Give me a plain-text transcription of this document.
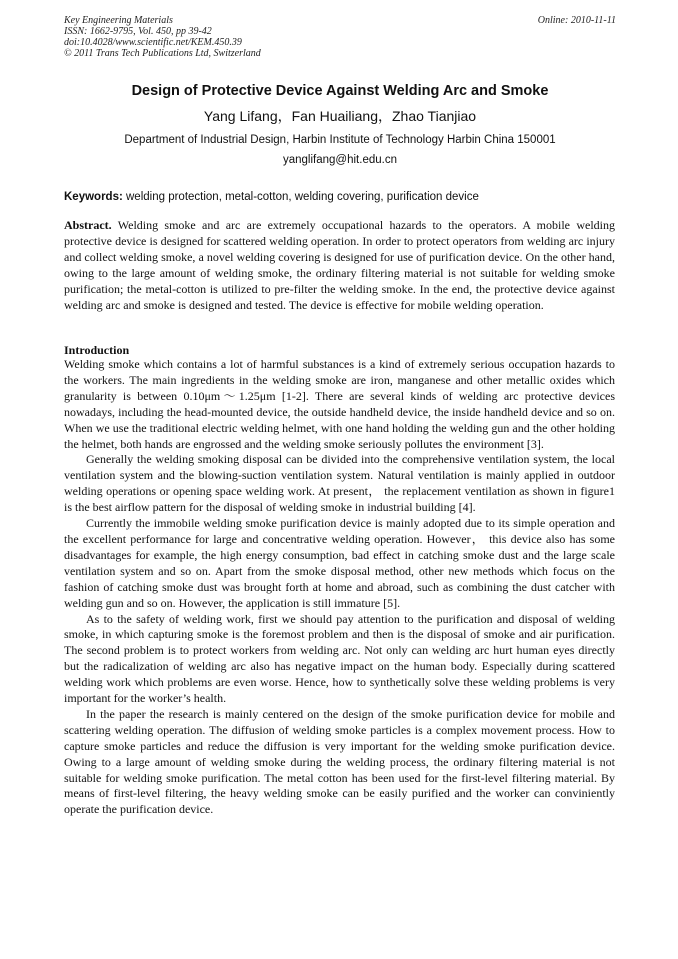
Key Engineering Materials
ISSN: 1662-9795, Vol. 450, pp 39-42
doi:10.4028/www.scientific.net/KEM.450.39
© 2011 Trans Tech Publications Ltd, Switzerland
Online: 2010-11-11
Design of Protective Device Against Welding Arc and Smoke
Yang Lifang，Fan Huailiang，Zhao Tianjiao
Department of Industrial Design, Harbin Institute of Technology Harbin China 150001
yanglifang@hit.edu.cn
Keywords: welding protection, metal-cotton, welding covering, purification device
Abstract. Welding smoke and arc are extremely occupational hazards to the operators. A mobile welding protective device is designed for scattered welding operation. In order to protect operators from welding arc injury and collect welding smoke, a novel welding covering is designed for use of purification device. On the other hand, owing to the large amount of welding smoke, the ordinary filtering material is not suitable for welding smoke purification; the metal-cotton is utilized to pre-filter the welding smoke. In the end, the protective device against welding arc and smoke is designed and tested. The device is effective for mobile welding operation.
Introduction

Welding smoke which contains a lot of harmful substances is a kind of extremely serious occupation hazards to the workers. The main ingredients in the welding smoke are iron, manganese and other metallic oxides which granularity is between 0.10μm～1.25μm [1-2]. There are several kinds of welding arc protective devices nowadays, including the head-mounted device, the outside handheld device, the inside handheld device and so on. When we use the traditional electric welding helmet, with one hand holding the welding gun and the other holding the helmet, both hands are engrossed and the welding smoke seriously pollutes the environment [3].

Generally the welding smoking disposal can be divided into the comprehensive ventilation system, the local ventilation system and the blowing-suction ventilation system. Natural ventilation is mainly applied in outdoor welding operations or opening space welding work. At present， the replacement ventilation as shown in figure1 is the best airflow pattern for the disposal of welding smoke in industrial building [4].

Currently the immobile welding smoke purification device is mainly adopted due to its simple operation and the excellent performance for large and concentrative welding operation. However， this device also has some disadvantages for example, the high energy consumption, bad effect in catching smoke dust and the large scale ventilation system and so on. Apart from the smoke disposal method, other new methods which focus on the fashion of catching smoke dust was brought forth at home and abroad, such as combining the dust catcher with welding gun and so on. However, the application is still immature [5].

As to the safety of welding work, first we should pay attention to the purification and disposal of welding smoke, in which capturing smoke is the foremost problem and then is the disposal of smoke and air purification. The second problem is to protect workers from welding arc. Not only can welding arc hurt human eyes directly but the radicalization of welding arc also has negative impact on the human body. Especially during scattered welding work which problems are even worse. Hence, how to synthetically solve these welding problems is very important for the worker’s health.

In the paper the research is mainly centered on the design of the smoke purification device for mobile and scattering welding operation. The diffusion of welding smoke particles is a complex movement process. How to capture smoke particles and reduce the diffusion is very important for the welding smoke purification device. Owing to a large amount of welding smoke during the welding process, the ordinary filtering material is not suitable for welding smoke purification. The metal cotton has been used for the first-level filtering material. By means of first-level filtering, the heavy welding smoke can be easily purified and the worker can conviniently operate the purification device.
